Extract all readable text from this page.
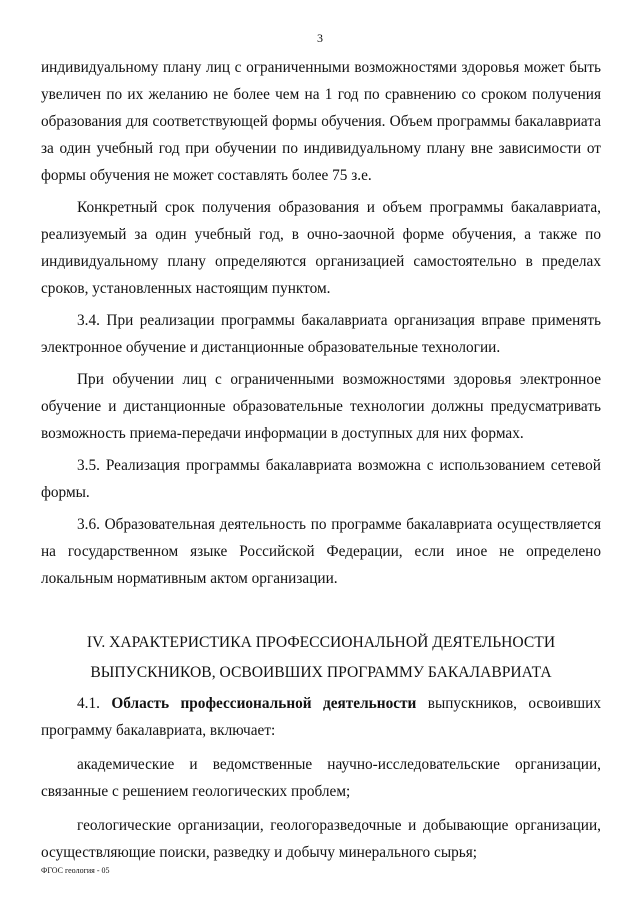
3

индивидуальному плану лиц с ограниченными возможностями здоровья может быть увеличен по их желанию не более чем на 1 год по сравнению со сроком получения образования для соответствующей формы обучения. Объем программы бакалавриата за один учебный год при обучении по индивидуальному плану вне зависимости от формы обучения не может составлять более 75 з.е.

Конкретный срок получения образования и объем программы бакалавриата, реализуемый за один учебный год, в очно-заочной форме обучения, а также по индивидуальному плану определяются организацией самостоятельно в пределах сроков, установленных настоящим пунктом.

3.4. При реализации программы бакалавриата организация вправе применять электронное обучение и дистанционные образовательные технологии.

При обучении лиц с ограниченными возможностями здоровья электронное обучение и дистанционные образовательные технологии должны предусматривать возможность приема-передачи информации в доступных для них формах.

3.5. Реализация программы бакалавриата возможна с использованием сетевой формы.

3.6. Образовательная деятельность по программе бакалавриата осуществляется на государственном языке Российской Федерации, если иное не определено локальным нормативным актом организации.

IV. ХАРАКТЕРИСТИКА ПРОФЕССИОНАЛЬНОЙ ДЕЯТЕЛЬНОСТИ
ВЫПУСКНИКОВ, ОСВОИВШИХ ПРОГРАММУ БАКАЛАВРИАТА

4.1. Область профессиональной деятельности выпускников, освоивших программу бакалавриата, включает:

академические и ведомственные научно-исследовательские организации, связанные с решением геологических проблем;

геологические организации, геологоразведочные и добывающие организации, осуществляющие поиски, разведку и добычу минерального сырья;

ФГОС геология - 05
